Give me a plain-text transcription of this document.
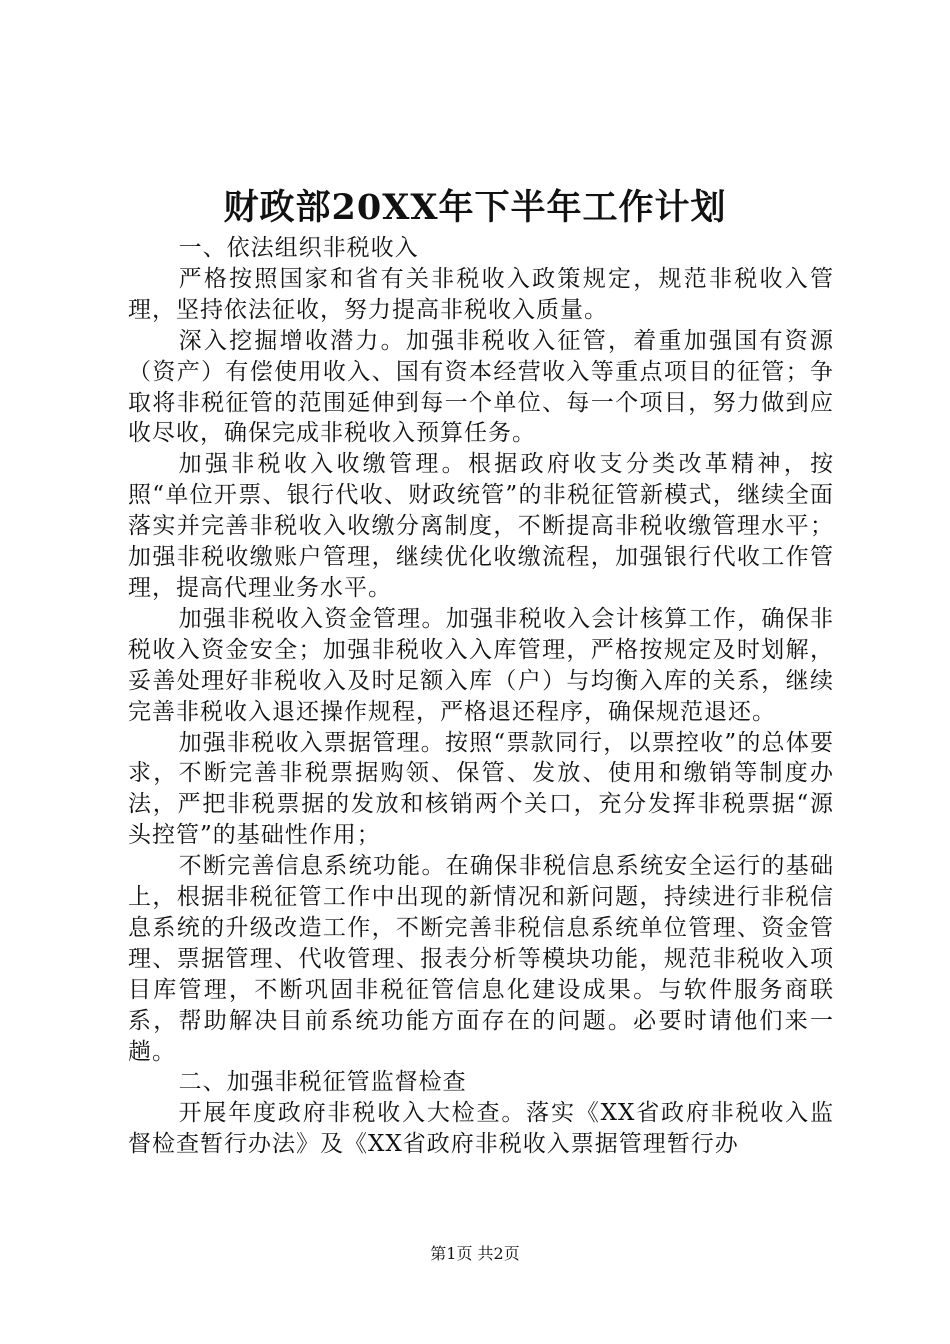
财政部20XX年下半年工作计划

一、依法组织非税收入

严格按照国家和省有关非税收入政策规定，规范非税收入管理，坚持依法征收，努力提高非税收入质量。

深入挖掘增收潜力。加强非税收入征管，着重加强国有资源（资产）有偿使用收入、国有资本经营收入等重点项目的征管；争取将非税征管的范围延伸到每一个单位、每一个项目，努力做到应收尽收，确保完成非税收入预算任务。

加强非税收入收缴管理。根据政府收支分类改革精神，按照“单位开票、银行代收、财政统管”的非税征管新模式，继续全面落实并完善非税收入收缴分离制度，不断提高非税收缴管理水平；加强非税收缴账户管理，继续优化收缴流程，加强银行代收工作管理，提高代理业务水平。

加强非税收入资金管理。加强非税收入会计核算工作，确保非税收入资金安全；加强非税收入入库管理，严格按规定及时划解，妥善处理好非税收入及时足额入库（户）与均衡入库的关系，继续完善非税收入退还操作规程，严格退还程序，确保规范退还。

加强非税收入票据管理。按照“票款同行，以票控收”的总体要求，不断完善非税票据购领、保管、发放、使用和缴销等制度办法，严把非税票据的发放和核销两个关口，充分发挥非税票据“源头控管”的基础性作用；

不断完善信息系统功能。在确保非税信息系统安全运行的基础上，根据非税征管工作中出现的新情况和新问题，持续进行非税信息系统的升级改造工作，不断完善非税信息系统单位管理、资金管理、票据管理、代收管理、报表分析等模块功能，规范非税收入项目库管理，不断巩固非税征管信息化建设成果。与软件服务商联系，帮助解决目前系统功能方面存在的问题。必要时请他们来一趟。

二、加强非税征管监督检查

开展年度政府非税收入大检查。落实《XX省政府非税收入监督检查暂行办法》及《XX省政府非税收入票据管理暂行办

第1页 共2页
